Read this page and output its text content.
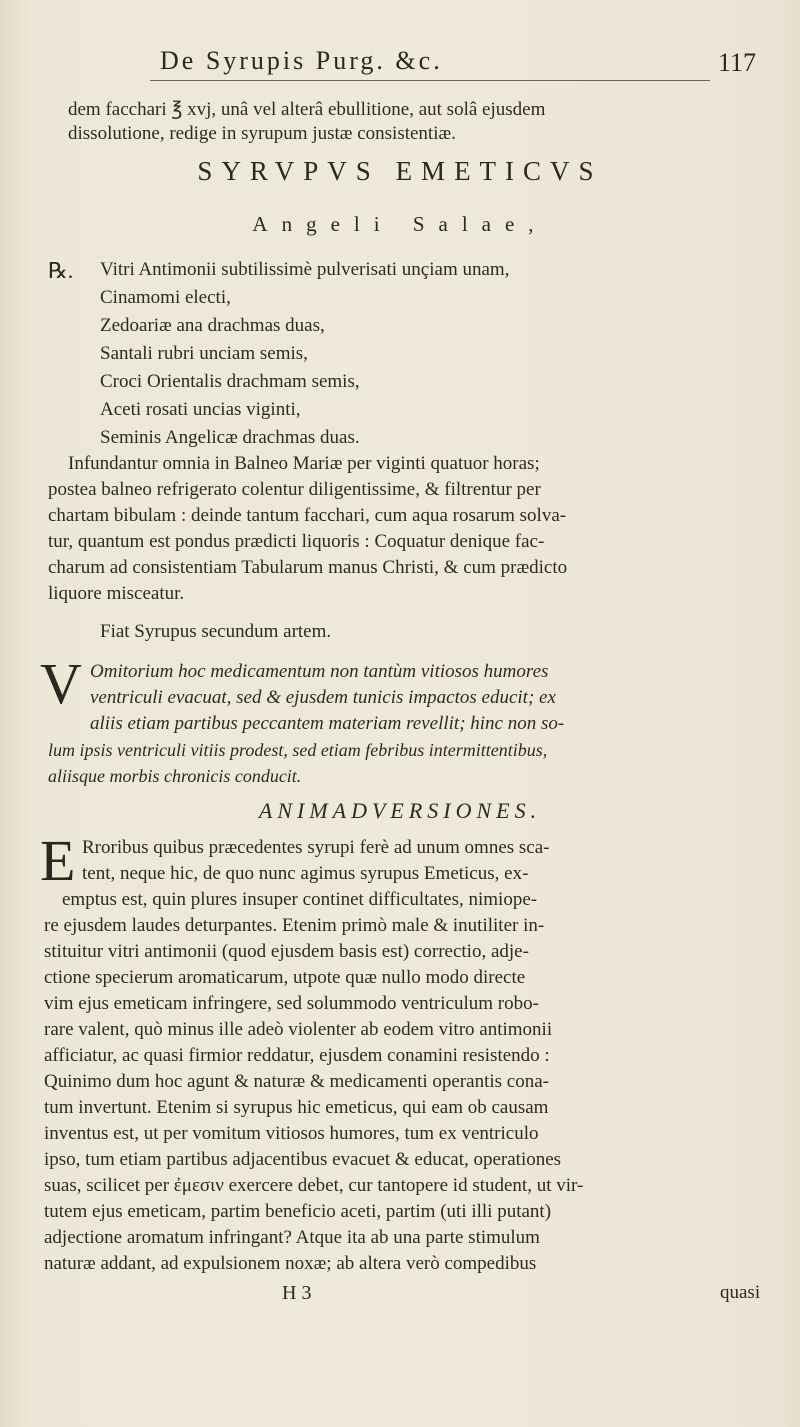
De Syrupis Purg. &c.	117
dem facchari ℥ xvj, unâ vel alterâ ebullitione, aut solâ ejusdem
dissolutione, redige in syrupum justæ consistentiæ.
SYRVPVS EMETICVS
Angeli Salae,
℞. Vitri Antimonii subtilissimè pulverisati unçiam unam,
Cinamomi electi,
Zedoariæ ana drachmas duas,
Santali rubri unciam semis,
Croci Orientalis drachmam semis,
Aceti rosati uncias viginti,
Seminis Angelicæ drachmas duas.
Infundantur omnia in Balneo Mariæ per viginti quatuor horas;
postea balneo refrigerato colentur diligentissime, & filtrentur per
chartam bibulam : deinde tantum facchari, cum aqua rosarum solva-
tur, quantum est pondus prædicti liquoris : Coquatur denique fac-
charum ad consistentiam Tabularum manus Christi, & cum prædicto
liquore misceatur.
Fiat Syrupus secundum artem.
V Omitorium hoc medicamentum non tantùm vitiosos humores
ventriculi evacuat, sed & ejusdem tunicis impactos educit; ex
aliis etiam partibus peccantem materiam revellit; hinc non so-
lum ipsis ventriculi vitiis prodest, sed etiam febribus intermittentibus,
aliisque morbis chronicis conducit.
ANIMADVERSIONES.
E Rroribus quibus præcedentes syrupi ferè ad unum omnes sca-
tent, neque hic, de quo nunc agimus syrupus Emeticus, ex-
emptus est, quin plures insuper continet difficultates, nimiope-
re ejusdem laudes deturpantes. Etenim primò male & inutiliter in-
stituitur vitri antimonii (quod ejusdem basis est) correctio, adje-
ctione specierum aromaticarum, utpote quæ nullo modo directe
vim ejus emeticam infringere, sed solummodo ventriculum robo-
rare valent, quò minus ille adeò violenter ab eodem vitro antimonii
afficiatur, ac quasi firmior reddatur, ejusdem conamini resistendo :
Quinimo dum hoc agunt & naturæ & medicamenti operantis cona-
tum invertunt. Etenim si syrupus hic emeticus, qui eam ob causam
inventus est, ut per vomitum vitiosos humores, tum ex ventriculo
ipso, tum etiam partibus adjacentibus evacuet & educat, operationes
suas, scilicet per ἐμεσιν exercere debet, cur tantopere id student, ut vir-
tutem ejus emeticam, partim beneficio aceti, partim (uti illi putant)
adjectione aromatum infringant? Atque ita ab una parte stimulum
naturæ addant, ad expulsionem noxæ; ab altera verò compedibus
H 3	quasi
